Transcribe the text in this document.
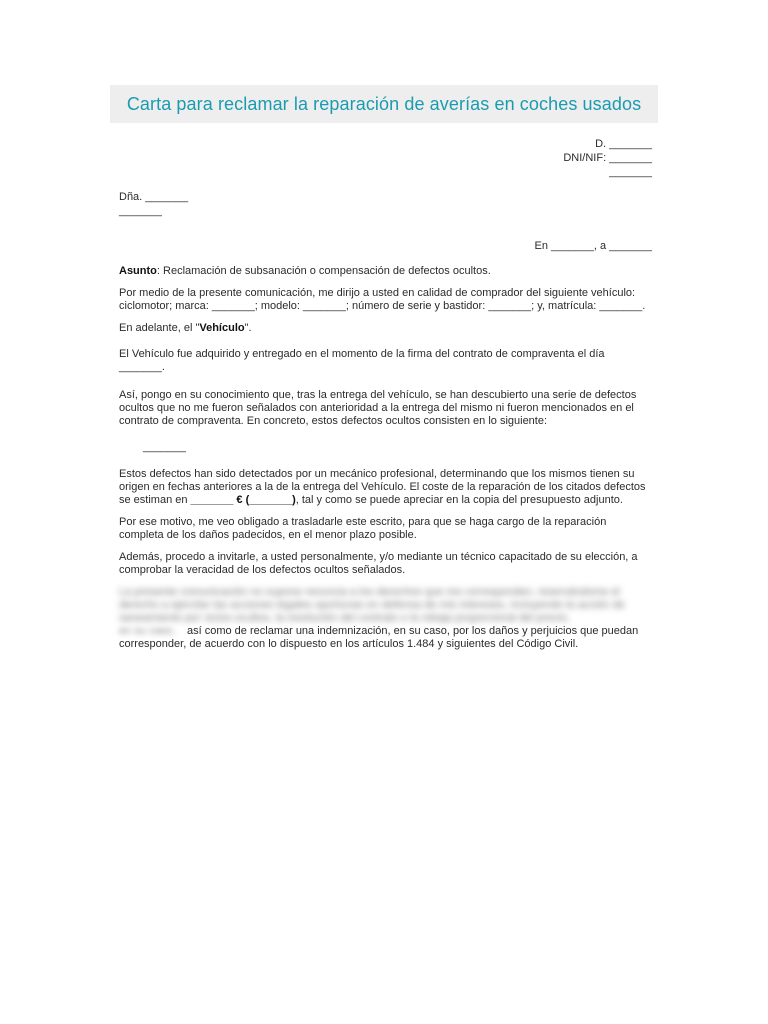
Carta para reclamar la reparación de averías en coches usados
D. _______
DNI/NIF: _______
_______
Dña. _______
_______
En _______, a _______
Asunto: Reclamación de subsanación o compensación de defectos ocultos.
Por medio de la presente comunicación, me dirijo a usted en calidad de comprador del siguiente vehículo: ciclomotor; marca: _______; modelo: _______; número de serie y bastidor: _______; y, matrícula: _______.
En adelante, el "Vehículo".
El Vehículo fue adquirido y entregado en el momento de la firma del contrato de compraventa el día _______.
Así, pongo en su conocimiento que, tras la entrega del vehículo, se han descubierto una serie de defectos ocultos que no me fueron señalados con anterioridad a la entrega del mismo ni fueron mencionados en el contrato de compraventa. En concreto, estos defectos ocultos consisten en lo siguiente:
_______
Estos defectos han sido detectados por un mecánico profesional, determinando que los mismos tienen su origen en fechas anteriores a la de la entrega del Vehículo. El coste de la reparación de los citados defectos se estiman en _______ € (_______), tal y como se puede apreciar en la copia del presupuesto adjunto.
Por ese motivo, me veo obligado a trasladarle este escrito, para que se haga cargo de la reparación completa de los daños padecidos, en el menor plazo posible.
Además, procedo a invitarle, a usted personalmente, y/o mediante un técnico capacitado de su elección, a comprobar la veracidad de los defectos ocultos señalados.
La presente comunicación no supone renuncia a los derechos que me corresponden, reservándome el derecho a ejercitar las acciones legales oportunas en defensa de mis intereses, incluyendo la acción de saneamiento por vicios ocultos, la resolución del contrato o la rebaja proporcional del precio,
en su caso,	así como de reclamar una indemnización, en su caso, por los daños y perjuicios que puedan
corresponder, de acuerdo con lo dispuesto en los artículos 1.484 y siguientes del Código Civil.
